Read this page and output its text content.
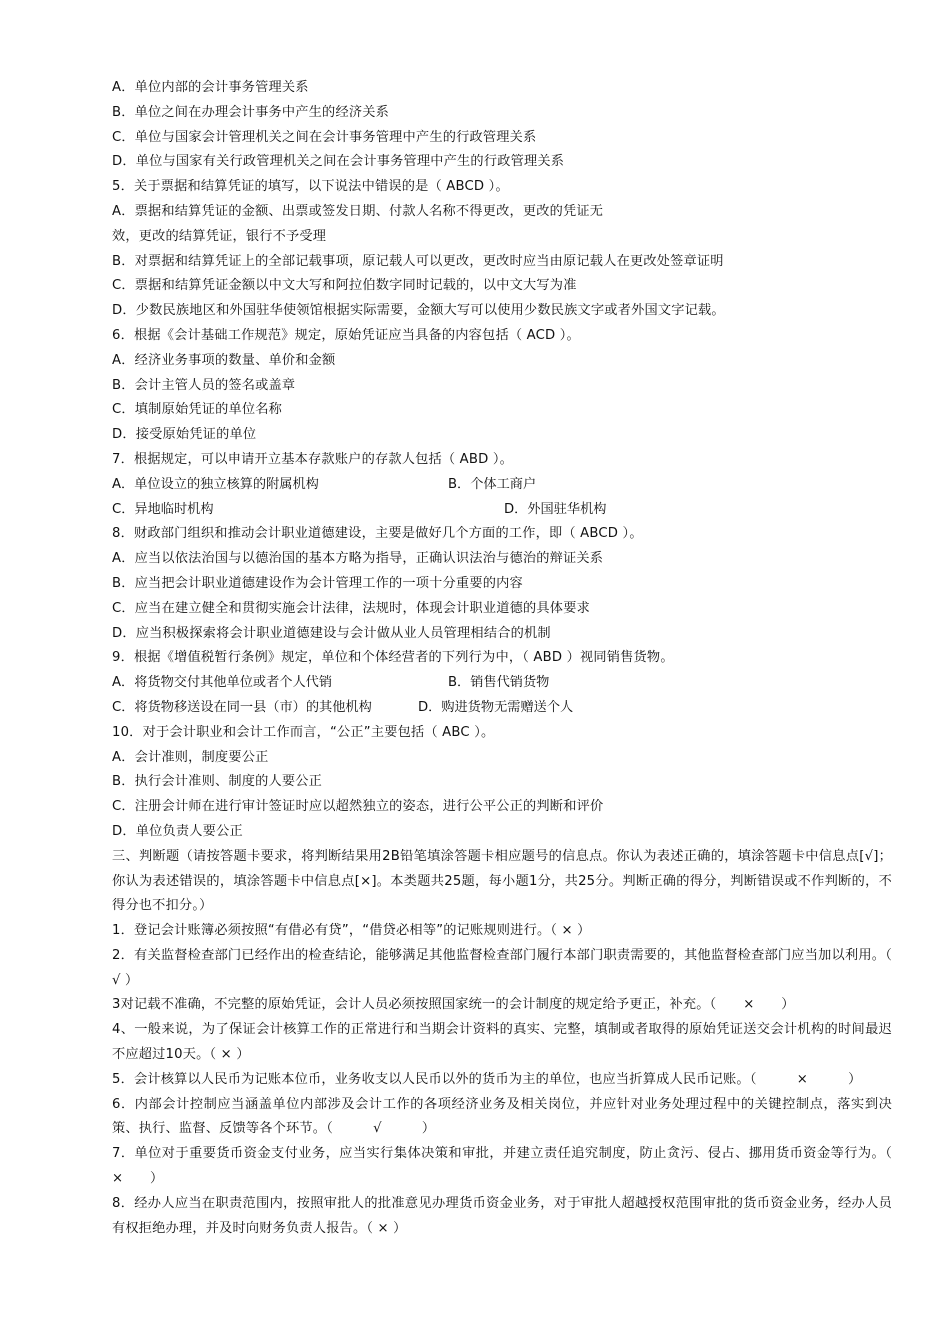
A．单位内部的会计事务管理关系
B．单位之间在办理会计事务中产生的经济关系
C．单位与国家会计管理机关之间在会计事务管理中产生的行政管理关系
D．单位与国家有关行政管理机关之间在会计事务管理中产生的行政管理关系
5．关于票据和结算凭证的填写，以下说法中错误的是（ ABCD ）。
A．票据和结算凭证的金额、出票或签发日期、付款人名称不得更改，更改的凭证无
效，更改的结算凭证，银行不予受理
B．对票据和结算凭证上的全部记载事项，原记载人可以更改，更改时应当由原记载人在更改处签章证明
C．票据和结算凭证金额以中文大写和阿拉伯数字同时记载的，以中文大写为准
D．少数民族地区和外国驻华使领馆根据实际需要，金额大写可以使用少数民族文字或者外国文字记载。
6．根据《会计基础工作规范》规定，原始凭证应当具备的内容包括（ ACD ）。
A．经济业务事项的数量、单价和金额
B．会计主管人员的签名或盖章
C．填制原始凭证的单位名称
D．接受原始凭证的单位
7．根据规定，可以申请开立基本存款账户的存款人包括（ ABD ）。
A．单位设立的独立核算的附属机构	B．个体工商户
C．异地临时机构	D．外国驻华机构
8．财政部门组织和推动会计职业道德建设，主要是做好几个方面的工作，即（ ABCD ）。
A．应当以依法治国与以德治国的基本方略为指导，正确认识法治与德治的辩证关系
B．应当把会计职业道德建设作为会计管理工作的一项十分重要的内容
C．应当在建立健全和贯彻实施会计法律，法规时，体现会计职业道德的具体要求
D．应当积极探索将会计职业道德建设与会计做从业人员管理相结合的机制
9．根据《增值税暂行条例》规定，单位和个体经营者的下列行为中，（ ABD ）视同销售货物。
A．将货物交付其他单位或者个人代销	B．销售代销货物
C．将货物移送设在同一县（市）的其他机构	D．购进货物无需赠送个人
10．对于会计职业和会计工作而言，“公正”主要包括（ ABC ）。
A．会计准则，制度要公正
B．执行会计准则、制度的人要公正
C．注册会计师在进行审计签证时应以超然独立的姿态，进行公平公正的判断和评价
D．单位负责人要公正
三、判断题（请按答题卡要求，将判断结果用2B铅笔填涂答题卡相应题号的信息点。你认为表述正确的，填涂答题卡中信息点[√]；你认为表述错误的，填涂答题卡中信息点[×]。本类题共25题，每小题1分，共25分。判断正确的得分，判断错误或不作判断的，不得分也不扣分。）
1．登记会计账簿必须按照“有借必有贷”，“借贷必相等”的记账规则进行。（ × ）
2．有关监督检查部门已经作出的检查结论，能够满足其他监督检查部门履行本部门职责需要的，其他监督检查部门应当加以利用。（ √ ）
3对记载不准确，不完整的原始凭证，会计人员必须按照国家统一的会计制度的规定给予更正，补充。（　　×　　）
4、一般来说，为了保证会计核算工作的正常进行和当期会计资料的真实、完整，填制或者取得的原始凭证送交会计机构的时间最迟不应超过10天。（ × ）
5．会计核算以人民币为记账本位币，业务收支以人民币以外的货币为主的单位，也应当折算成人民币记账。（　　　×　　　）
6．内部会计控制应当涵盖单位内部涉及会计工作的各项经济业务及相关岗位，并应针对业务处理过程中的关键控制点，落实到决策、执行、监督、反馈等各个环节。（　　　√　　　）
7．单位对于重要货币资金支付业务，应当实行集体决策和审批，并建立责任追究制度，防止贪污、侵占、挪用货币资金等行为。（　　×　　）
8．经办人应当在职责范围内，按照审批人的批准意见办理货币资金业务，对于审批人超越授权范围审批的货币资金业务，经办人员有权拒绝办理，并及时向财务负责人报告。（ × ）
